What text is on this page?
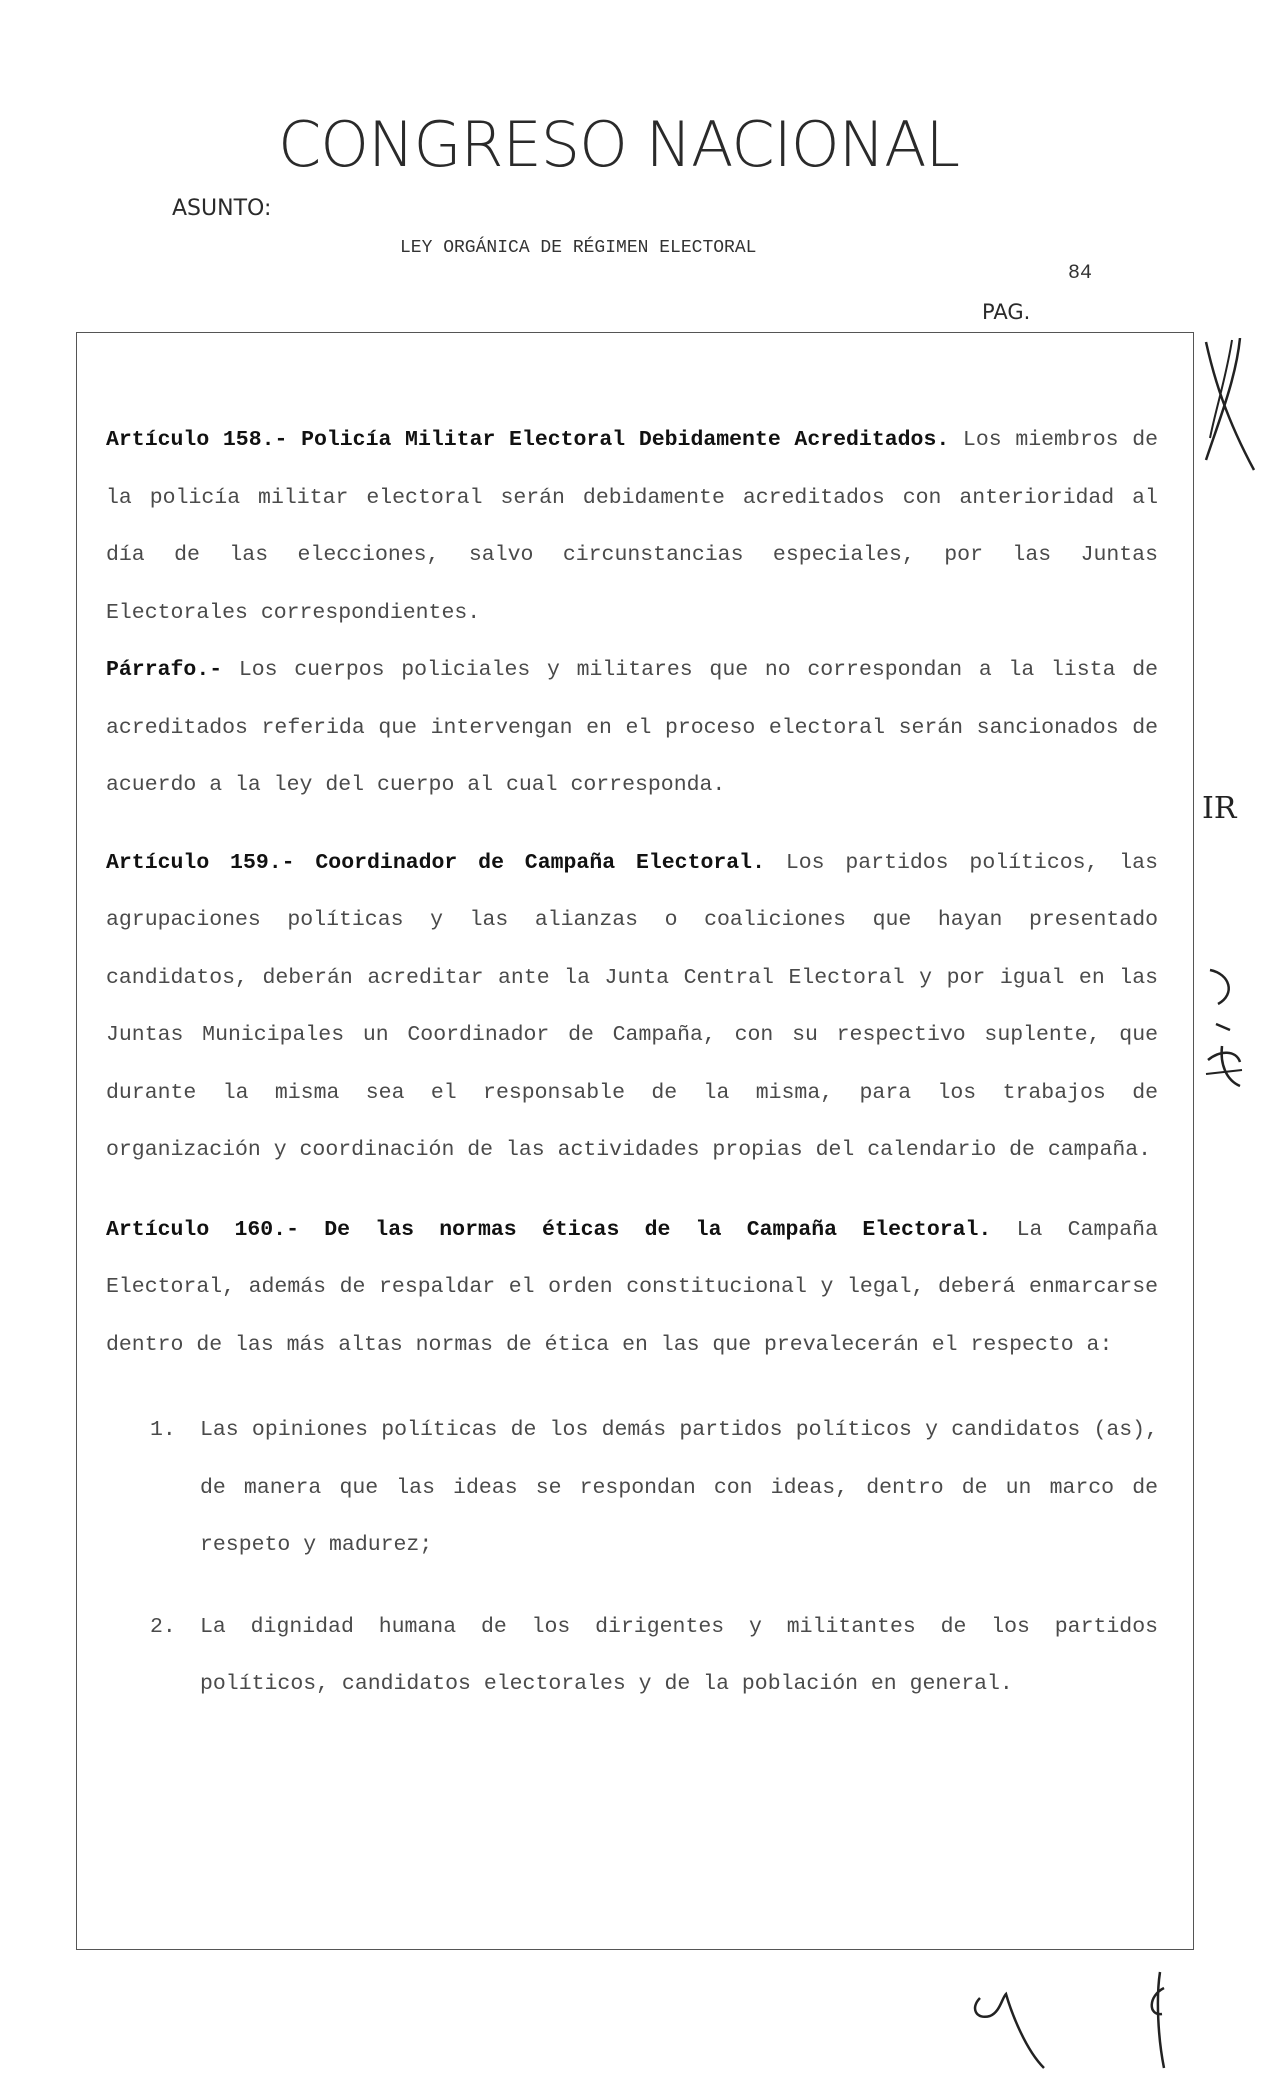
CONGRESO NACIONAL
ASUNTO:
LEY ORGÁNICA DE RÉGIMEN ELECTORAL
84
PAG.

Artículo 158.- Policía Militar Electoral Debidamente Acreditados. Los miembros de la policía militar electoral serán debidamente acreditados con anterioridad al día de las elecciones, salvo circunstancias especiales, por las Juntas Electorales correspondientes.

Párrafo.- Los cuerpos policiales y militares que no correspondan a la lista de acreditados referida que intervengan en el proceso electoral serán sancionados de acuerdo a la ley del cuerpo al cual corresponda.

Artículo 159.- Coordinador de Campaña Electoral. Los partidos políticos, las agrupaciones políticas y las alianzas o coaliciones que hayan presentado candidatos, deberán acreditar ante la Junta Central Electoral y por igual en las Juntas Municipales un Coordinador de Campaña, con su respectivo suplente, que durante la misma sea el responsable de la misma, para los trabajos de organización y coordinación de las actividades propias del calendario de campaña.

Artículo 160.- De las normas éticas de la Campaña Electoral. La Campaña Electoral, además de respaldar el orden constitucional y legal, deberá enmarcarse dentro de las más altas normas de ética en las que prevalecerán el respecto a:

1. Las opiniones políticas de los demás partidos políticos y candidatos (as), de manera que las ideas se respondan con ideas, dentro de un marco de respeto y madurez;
2. La dignidad humana de los dirigentes y militantes de los partidos políticos, candidatos electorales y de la población en general.
IR
